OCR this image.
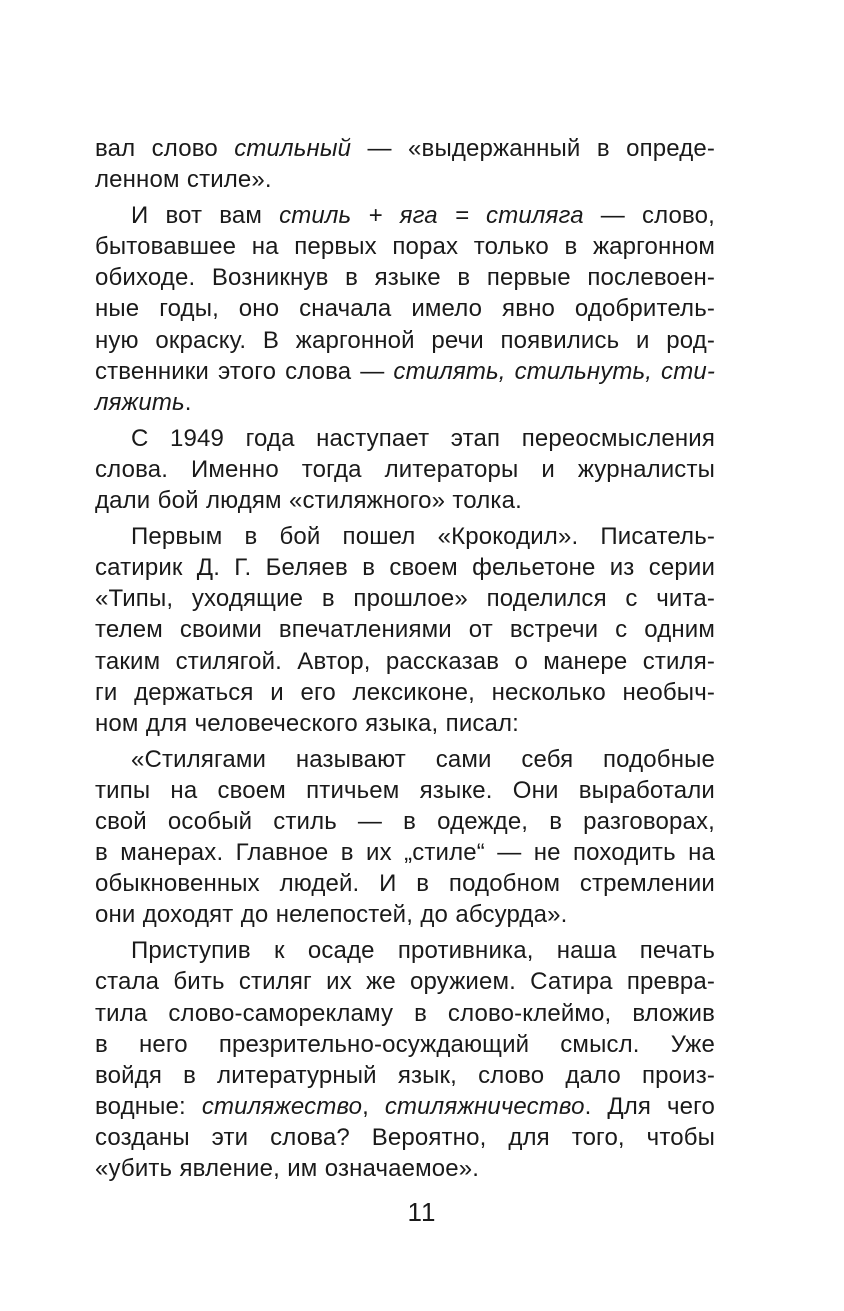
вал слово стильный — «выдержанный в опреде-
ленном стиле».
И вот вам стиль + яга = стиляга — слово,
бытовавшее на первых порах только в жаргонном
обиходе. Возникнув в языке в первые послевоен-
ные годы, оно сначала имело явно одобритель-
ную окраску. В жаргонной речи появились и род-
ственники этого слова — стилять, стильнуть, сти-
ляжить.
С 1949 года наступает этап переосмысления
слова. Именно тогда литераторы и журналисты
дали бой людям «стиляжного» толка.
Первым в бой пошел «Крокодил». Писатель-
сатирик Д. Г. Беляев в своем фельетоне из серии
«Типы, уходящие в прошлое» поделился с чита-
телем своими впечатлениями от встречи с одним
таким стилягой. Автор, рассказав о манере стиля-
ги держаться и его лексиконе, несколько необыч-
ном для человеческого языка, писал:
«Стилягами называют сами себя подобные
типы на своем птичьем языке. Они выработали
свой особый стиль — в одежде, в разговорах,
в манерах. Главное в их „стиле“ — не походить на
обыкновенных людей. И в подобном стремлении
они доходят до нелепостей, до абсурда».
Приступив к осаде противника, наша печать
стала бить стиляг их же оружием. Сатира превра-
тила слово-саморекламу в слово-клеймо, вложив
в него презрительно-осуждающий смысл. Уже
войдя в литературный язык, слово дало произ-
водные: стиляжество, стиляжничество. Для чего
созданы эти слова? Вероятно, для того, чтобы
«убить явление, им означаемое».
11
